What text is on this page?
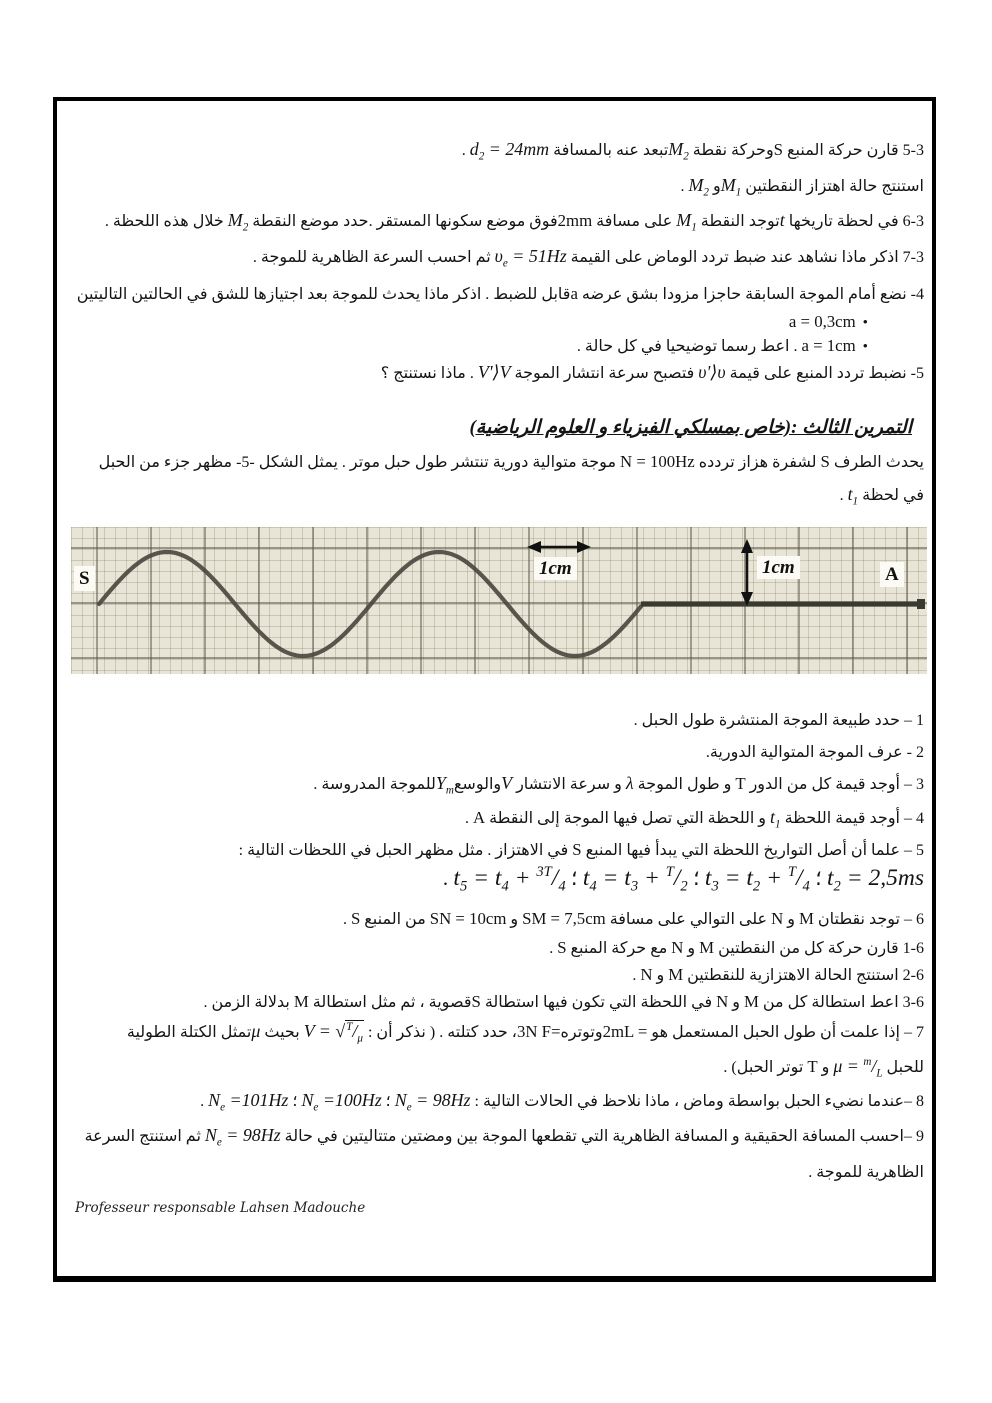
5-3 قارن حركة المنبع Sوحركة نقطة $M_2تبعد$ عنه بالمسافة $d_2 = 24mm$ .
استنتج حالة اهتزاز النقطتين $M_1و$ $M_2$ .
6-3 في لحظة تاريخها tتوجد النقطة $M_1$ على مسافة 2mmفوق موضع سكونها المستقر .حدد موضع النقطة $M_2$ خلال هذه اللحظة .
7-3 اذكر ماذا نشاهد عند ضبط تردد الوماض على القيمة $\upsilon_e = 51Hz$ ثم احسب السرعة الظاهرية للموجة .
4- نضع أمام الموجة السابقة حاجزا مزودا بشق عرضه aقابل للضبط . اذكر ماذا يحدث للموجة بعد اجتيازها للشق في الحالتين التاليتين
•a = 0,3cm
•a = 1cm . اعط رسما توضيحيا في كل حالة .
5- نضبط تردد المنبع على قيمة υ'⟩υ فتصبح سرعة انتشار الموجة V'⟩V . ماذا نستنتج ؟
التمرين الثالث :(خاص بمسلكي الفيزياء و العلوم الرياضية)
يحدث الطرف S لشفرة هزاز تردده N = 100Hz موجة متوالية دورية تنتشر طول حبل موتر . يمثل الشكل -5- مظهر جزء من الحبل
في لحظة $t_1$ .
1 – حدد طبيعة الموجة المنتشرة طول الحبل .
2 - عرف الموجة المتوالية الدورية.
3 – أوجد قيمة كل من الدور T و طول الموجة λ و سرعة الانتشار VوالوسعY$_m$للموجة المدروسة .
4 – أوجد قيمة اللحظة $t_1$ و اللحظة التي تصل فيها الموجة إلى النقطة A .
5 – علما أن أصل التواريخ اللحظة التي يبدأ فيها المنبع S في الاهتزاز . مثل مظهر الحبل في اللحظات التالية :
$t_2 = 2,5ms$ ؛ $t_3 = t_2 + ^T/_4$ ؛ $t_4 = t_3 + ^T/_2$ ؛ $t_5 = t_4 + ^{3T}/_4$ .
6 – توجد نقطتان M و N على التوالي على مسافة SM = 7,5cm و SN = 10cm من المنبع S .
1-6 قارن حركة كل من النقطتين M و N مع حركة المنبع S .
2-6 استنتج الحالة الاهتزازية للنقطتين M و N .
3-6 اعط استطالة كل من M و N في اللحظة التي تكون فيها استطالة Sقصوية ، ثم مثل استطالة M بدلالة الزمن .
7 – إذا علمت أن طول الحبل المستعمل هو 2mL =وتوتره3N F=، حدد كتلته . ( نذكر أن : $V = √^T/_\mu$ بحيث μتمثل الكتلة الطولية
للحبل $\mu = ^m/_L$ و T توتر الحبل) .
8 –عندما نضيء الحبل بواسطة وماض ، ماذا نلاحظ في الحالات التالية : $N_e = 98Hz$ ؛ $N_e =100Hz$ ؛ $N_e =101Hz$ .
9 –احسب المسافة الحقيقية و المسافة الظاهرية التي تقطعها الموجة بين ومضتين متتاليتين في حالة $N_e = 98Hz$ ثم استنتج السرعة
الظاهرية للموجة .
S	A
1cm	1cm
Professeur responsable Lahsen Madouche
